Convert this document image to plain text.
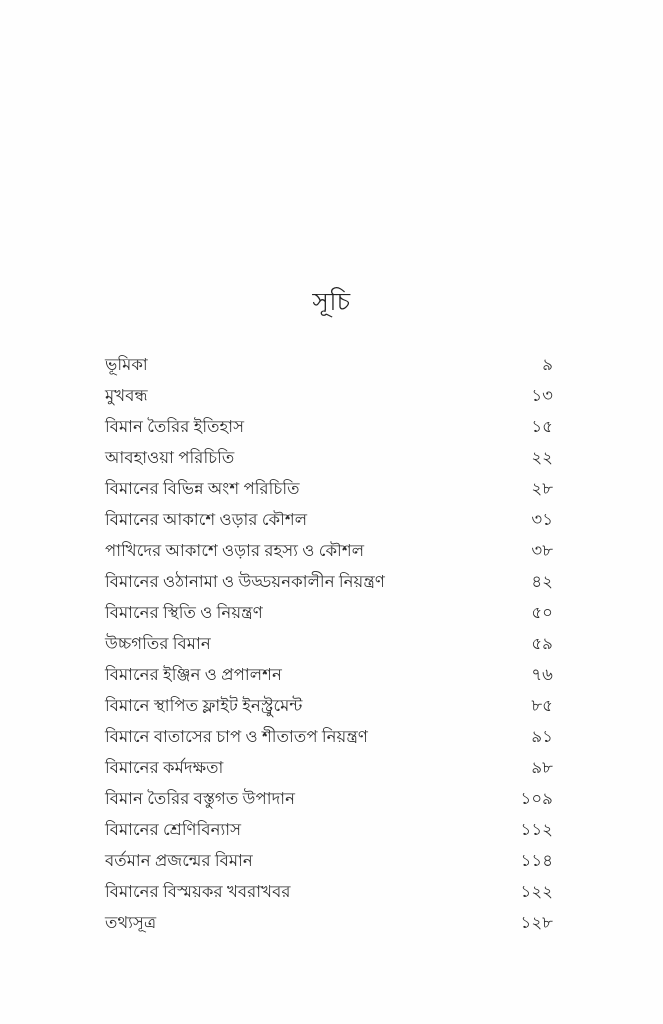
সূচি
ভূমিকা	৯
মুখবন্ধ	১৩
বিমান তৈরির ইতিহাস	১৫
আবহাওয়া পরিচিতি	২২
বিমানের বিভিন্ন অংশ পরিচিতি	২৮
বিমানের আকাশে ওড়ার কৌশল	৩১
পাখিদের আকাশে ওড়ার রহস্য ও কৌশল	৩৮
বিমানের ওঠানামা ও উড্ডয়নকালীন নিয়ন্ত্রণ	৪২
বিমানের স্থিতি ও নিয়ন্ত্রণ	৫০
উচ্চগতির বিমান	৫৯
বিমানের ইঞ্জিন ও প্রপালশন	৭৬
বিমানে স্থাপিত ফ্লাইট ইনস্ট্রুমেন্ট	৮৫
বিমানে বাতাসের চাপ ও শীতাতপ নিয়ন্ত্রণ	৯১
বিমানের কর্মদক্ষতা	৯৮
বিমান তৈরির বস্তুগত উপাদান	১০৯
বিমানের শ্রেণিবিন্যাস	১১২
বর্তমান প্রজন্মের বিমান	১১৪
বিমানের বিস্ময়কর খবরাখবর	১২২
তথ্যসূত্র	১২৮
